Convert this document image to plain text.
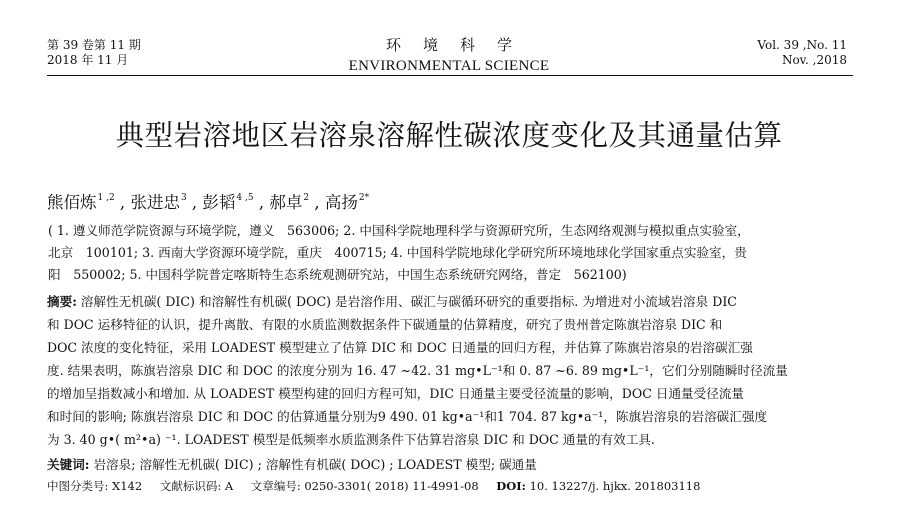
第 39 卷第 11 期
2018 年 11 月
环境科学
ENVIRONMENTAL SCIENCE
Vol. 39 ,No. 11
Nov. ,2018
典型岩溶地区岩溶泉溶解性碳浓度变化及其通量估算
熊佰炼$^{1 ,2}$ , 张进忠$^3$ , 彭韬$^{4 ,5}$ , 郝卓$^2$ , 高扬$^{2*}$
( 1. 遵义师范学院资源与环境学院，遵义　563006; 2. 中国科学院地理科学与资源研究所，生态网络观测与模拟重点实验室，
北京　100101; 3. 西南大学资源环境学院，重庆　400715; 4. 中国科学院地球化学研究所环境地球化学国家重点实验室，贵
阳　550002; 5. 中国科学院普定喀斯特生态系统观测研究站，中国生态系统研究网络，普定　562100)
摘要: 溶解性无机碳( DIC) 和溶解性有机碳( DOC) 是岩溶作用、碳汇与碳循环研究的重要指标. 为增进对小流域岩溶泉 DIC
和 DOC 运移特征的认识，提升离散、有限的水质监测数据条件下碳通量的估算精度，研究了贵州普定陈旗岩溶泉 DIC 和
DOC 浓度的变化特征，采用 LOADEST 模型建立了估算 DIC 和 DOC 日通量的回归方程，并估算了陈旗岩溶泉的岩溶碳汇强
度. 结果表明，陈旗岩溶泉 DIC 和 DOC 的浓度分别为 16. 47 ~42. 31 mg•L⁻¹和 0. 87 ~6. 89 mg•L⁻¹，它们分别随瞬时径流量
的增加呈指数减小和增加. 从 LOADEST 模型构建的回归方程可知，DIC 日通量主要受径流量的影响，DOC 日通量受径流量
和时间的影响; 陈旗岩溶泉 DIC 和 DOC 的估算通量分别为9 490. 01 kg•a⁻¹和1 704. 87 kg•a⁻¹，陈旗岩溶泉的岩溶碳汇强度
为 3. 40 g•( m²•a) ⁻¹. LOADEST 模型是低频率水质监测条件下估算岩溶泉 DIC 和 DOC 通量的有效工具.
关键词: 岩溶泉; 溶解性无机碳( DIC) ; 溶解性有机碳( DOC) ; LOADEST 模型; 碳通量
中图分类号: X142 文献标识码: A 文章编号: 0250-3301( 2018) 11-4991-08 DOI: 10. 13227/j. hjkx. 201803118
